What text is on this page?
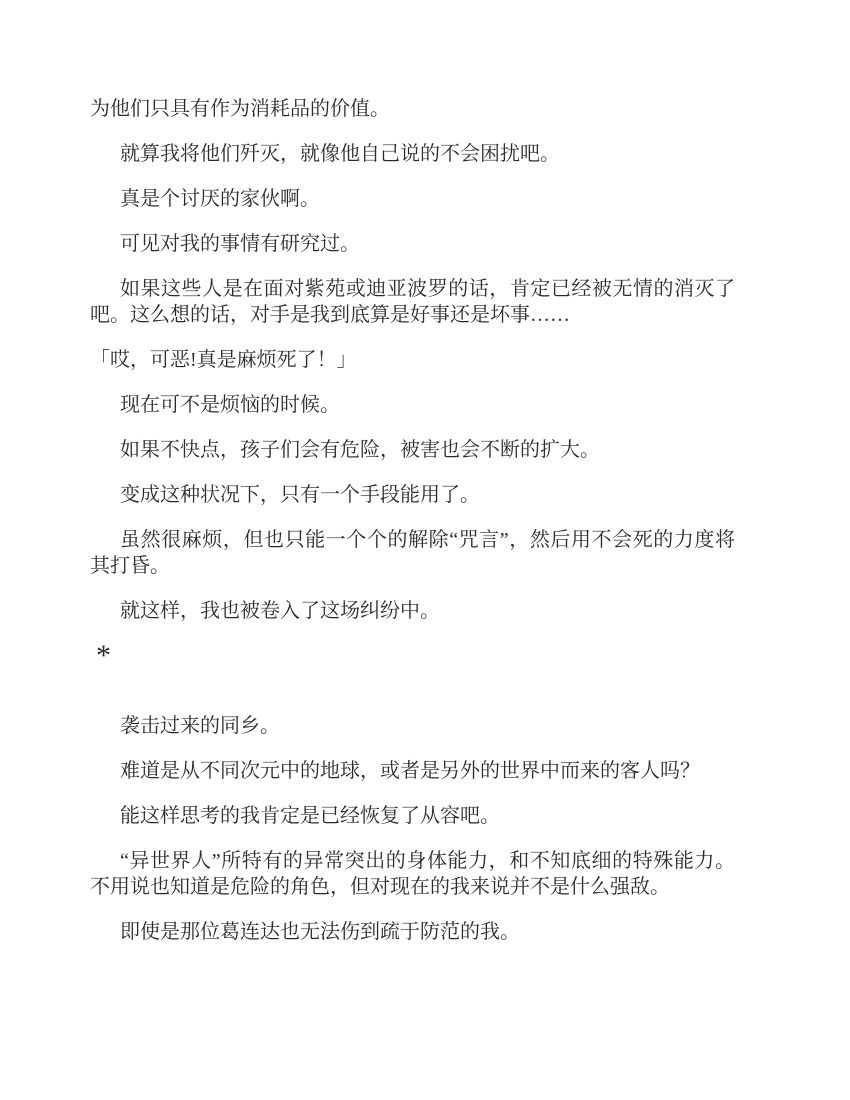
为他们只具有作为消耗品的价值。

就算我将他们歼灭，就像他自己说的不会困扰吧。

真是个讨厌的家伙啊。

可见对我的事情有研究过。

如果这些人是在面对紫苑或迪亚波罗的话，肯定已经被无情的消灭了吧。这么想的话，对手是我到底算是好事还是坏事……

「哎，可恶!真是麻烦死了！」

现在可不是烦恼的时候。

如果不快点，孩子们会有危险，被害也会不断的扩大。

变成这种状况下，只有一个手段能用了。

虽然很麻烦，但也只能一个个的解除“咒言”，然后用不会死的力度将其打昏。

就这样，我也被卷入了这场纠纷中。

*

袭击过来的同乡。

难道是从不同次元中的地球，或者是另外的世界中而来的客人吗？

能这样思考的我肯定是已经恢复了从容吧。

“异世界人”所特有的异常突出的身体能力，和不知底细的特殊能力。不用说也知道是危险的角色，但对现在的我来说并不是什么强敌。

即使是那位葛连达也无法伤到疏于防范的我。
